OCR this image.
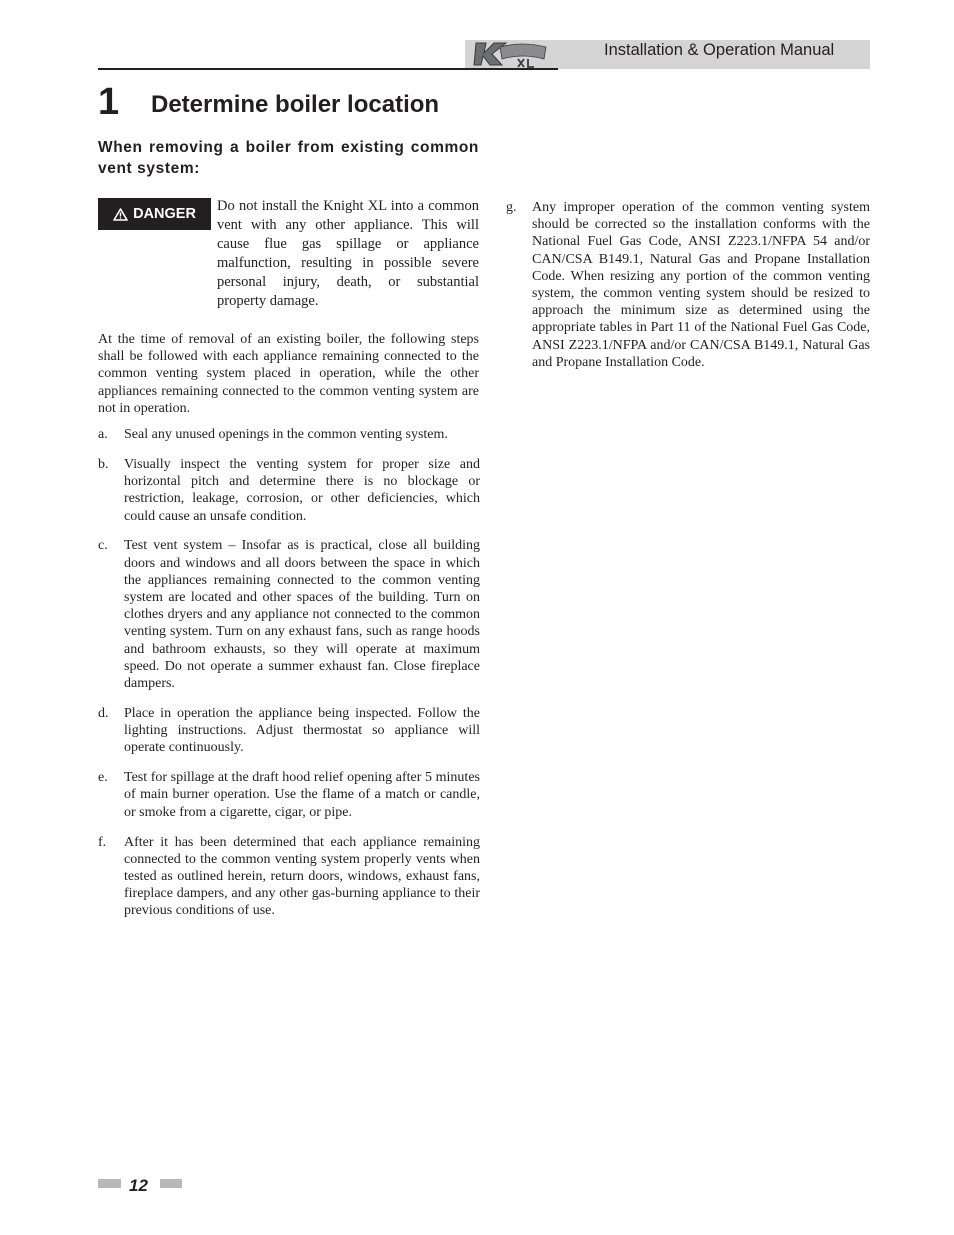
Installation & Operation Manual
1 Determine boiler location
When removing a boiler from existing common vent system:
DANGER Do not install the Knight XL into a common vent with any other appliance. This will cause flue gas spillage or appliance malfunction, resulting in possible severe personal injury, death, or substantial property damage.
At the time of removal of an existing boiler, the following steps shall be followed with each appliance remaining connected to the common venting system placed in operation, while the other appliances remaining connected to the common venting system are not in operation.
a.	Seal any unused openings in the common venting system.
b.	Visually inspect the venting system for proper size and horizontal pitch and determine there is no blockage or restriction, leakage, corrosion, or other deficiencies, which could cause an unsafe condition.
c.	Test vent system – Insofar as is practical, close all building doors and windows and all doors between the space in which the appliances remaining connected to the common venting system are located and other spaces of the building. Turn on clothes dryers and any appliance not connected to the common venting system. Turn on any exhaust fans, such as range hoods and bathroom exhausts, so they will operate at maximum speed. Do not operate a summer exhaust fan. Close fireplace dampers.
d.	Place in operation the appliance being inspected. Follow the lighting instructions. Adjust thermostat so appliance will operate continuously.
e.	Test for spillage at the draft hood relief opening after 5 minutes of main burner operation. Use the flame of a match or candle, or smoke from a cigarette, cigar, or pipe.
f.	After it has been determined that each appliance remaining connected to the common venting system properly vents when tested as outlined herein, return doors, windows, exhaust fans, fireplace dampers, and any other gas-burning appliance to their previous conditions of use.
g.	Any improper operation of the common venting system should be corrected so the installation conforms with the National Fuel Gas Code, ANSI Z223.1/NFPA 54 and/or CAN/CSA B149.1, Natural Gas and Propane Installation Code. When resizing any portion of the common venting system, the common venting system should be resized to approach the minimum size as determined using the appropriate tables in Part 11 of the National Fuel Gas Code, ANSI Z223.1/NFPA and/or CAN/CSA B149.1, Natural Gas and Propane Installation Code.
12
